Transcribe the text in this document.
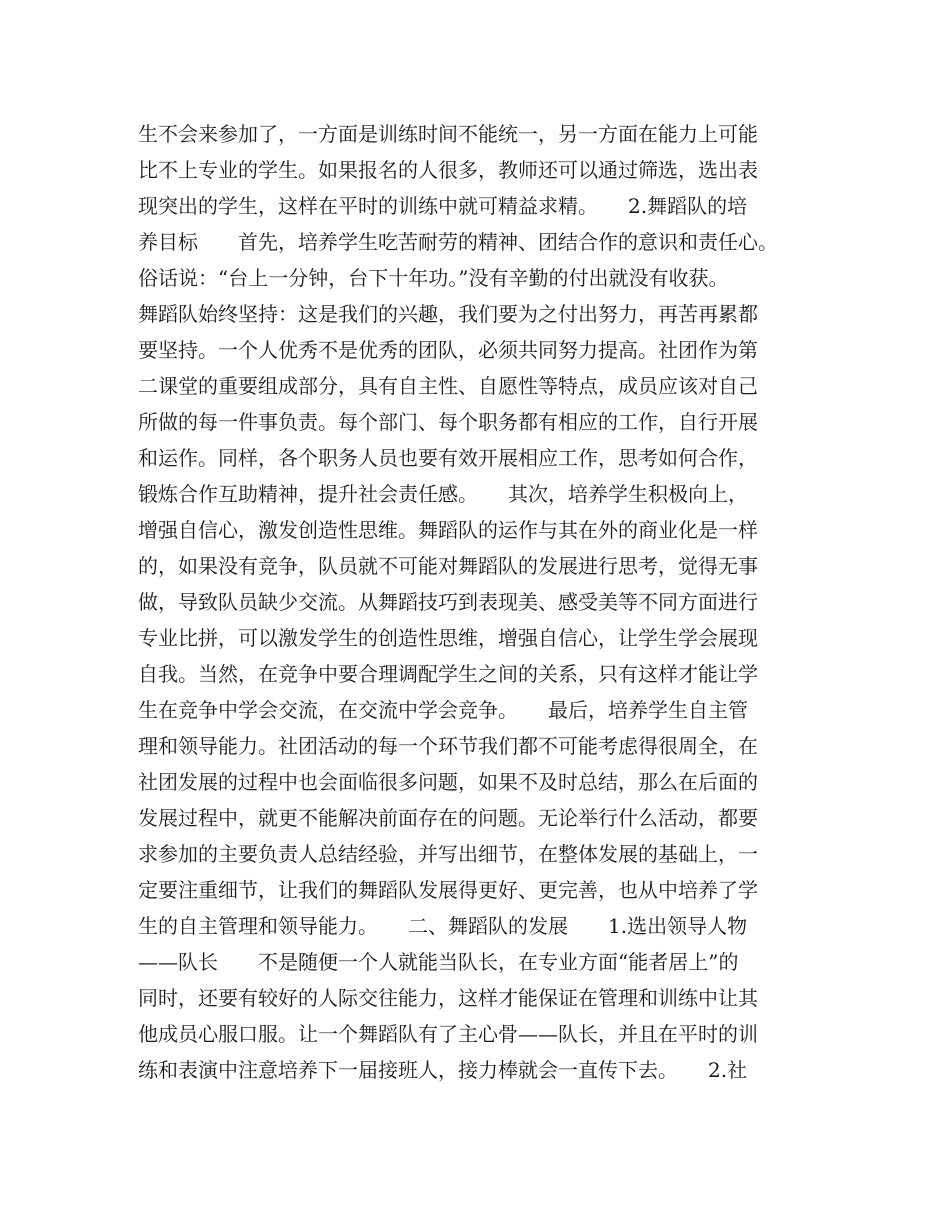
生不会来参加了，一方面是训练时间不能统一，另一方面在能力上可能
比不上专业的学生。如果报名的人很多，教师还可以通过筛选，选出表
现突出的学生，这样在平时的训练中就可精益求精。　　2.舞蹈队的培
养目标　　首先，培养学生吃苦耐劳的精神、团结合作的意识和责任心。
俗话说：“台上一分钟，台下十年功。”没有辛勤的付出就没有收获。
舞蹈队始终坚持：这是我们的兴趣，我们要为之付出努力，再苦再累都
要坚持。一个人优秀不是优秀的团队，必须共同努力提高。社团作为第
二课堂的重要组成部分，具有自主性、自愿性等特点，成员应该对自己
所做的每一件事负责。每个部门、每个职务都有相应的工作，自行开展
和运作。同样，各个职务人员也要有效开展相应工作，思考如何合作，
锻炼合作互助精神，提升社会责任感。　　其次，培养学生积极向上，
增强自信心，激发创造性思维。舞蹈队的运作与其在外的商业化是一样
的，如果没有竞争，队员就不可能对舞蹈队的发展进行思考，觉得无事
做，导致队员缺少交流。从舞蹈技巧到表现美、感受美等不同方面进行
专业比拼，可以激发学生的创造性思维，增强自信心，让学生学会展现
自我。当然，在竞争中要合理调配学生之间的关系，只有这样才能让学
生在竞争中学会交流，在交流中学会竞争。　　最后，培养学生自主管
理和领导能力。社团活动的每一个环节我们都不可能考虑得很周全，在
社团发展的过程中也会面临很多问题，如果不及时总结，那么在后面的
发展过程中，就更不能解决前面存在的问题。无论举行什么活动，都要
求参加的主要负责人总结经验，并写出细节，在整体发展的基础上，一
定要注重细节，让我们的舞蹈队发展得更好、更完善，也从中培养了学
生的自主管理和领导能力。　　二、舞蹈队的发展　　1.选出领导人物
——队长　　不是随便一个人就能当队长，在专业方面“能者居上”的
同时，还要有较好的人际交往能力，这样才能保证在管理和训练中让其
他成员心服口服。让一个舞蹈队有了主心骨——队长，并且在平时的训
练和表演中注意培养下一届接班人，接力棒就会一直传下去。　　2.社
